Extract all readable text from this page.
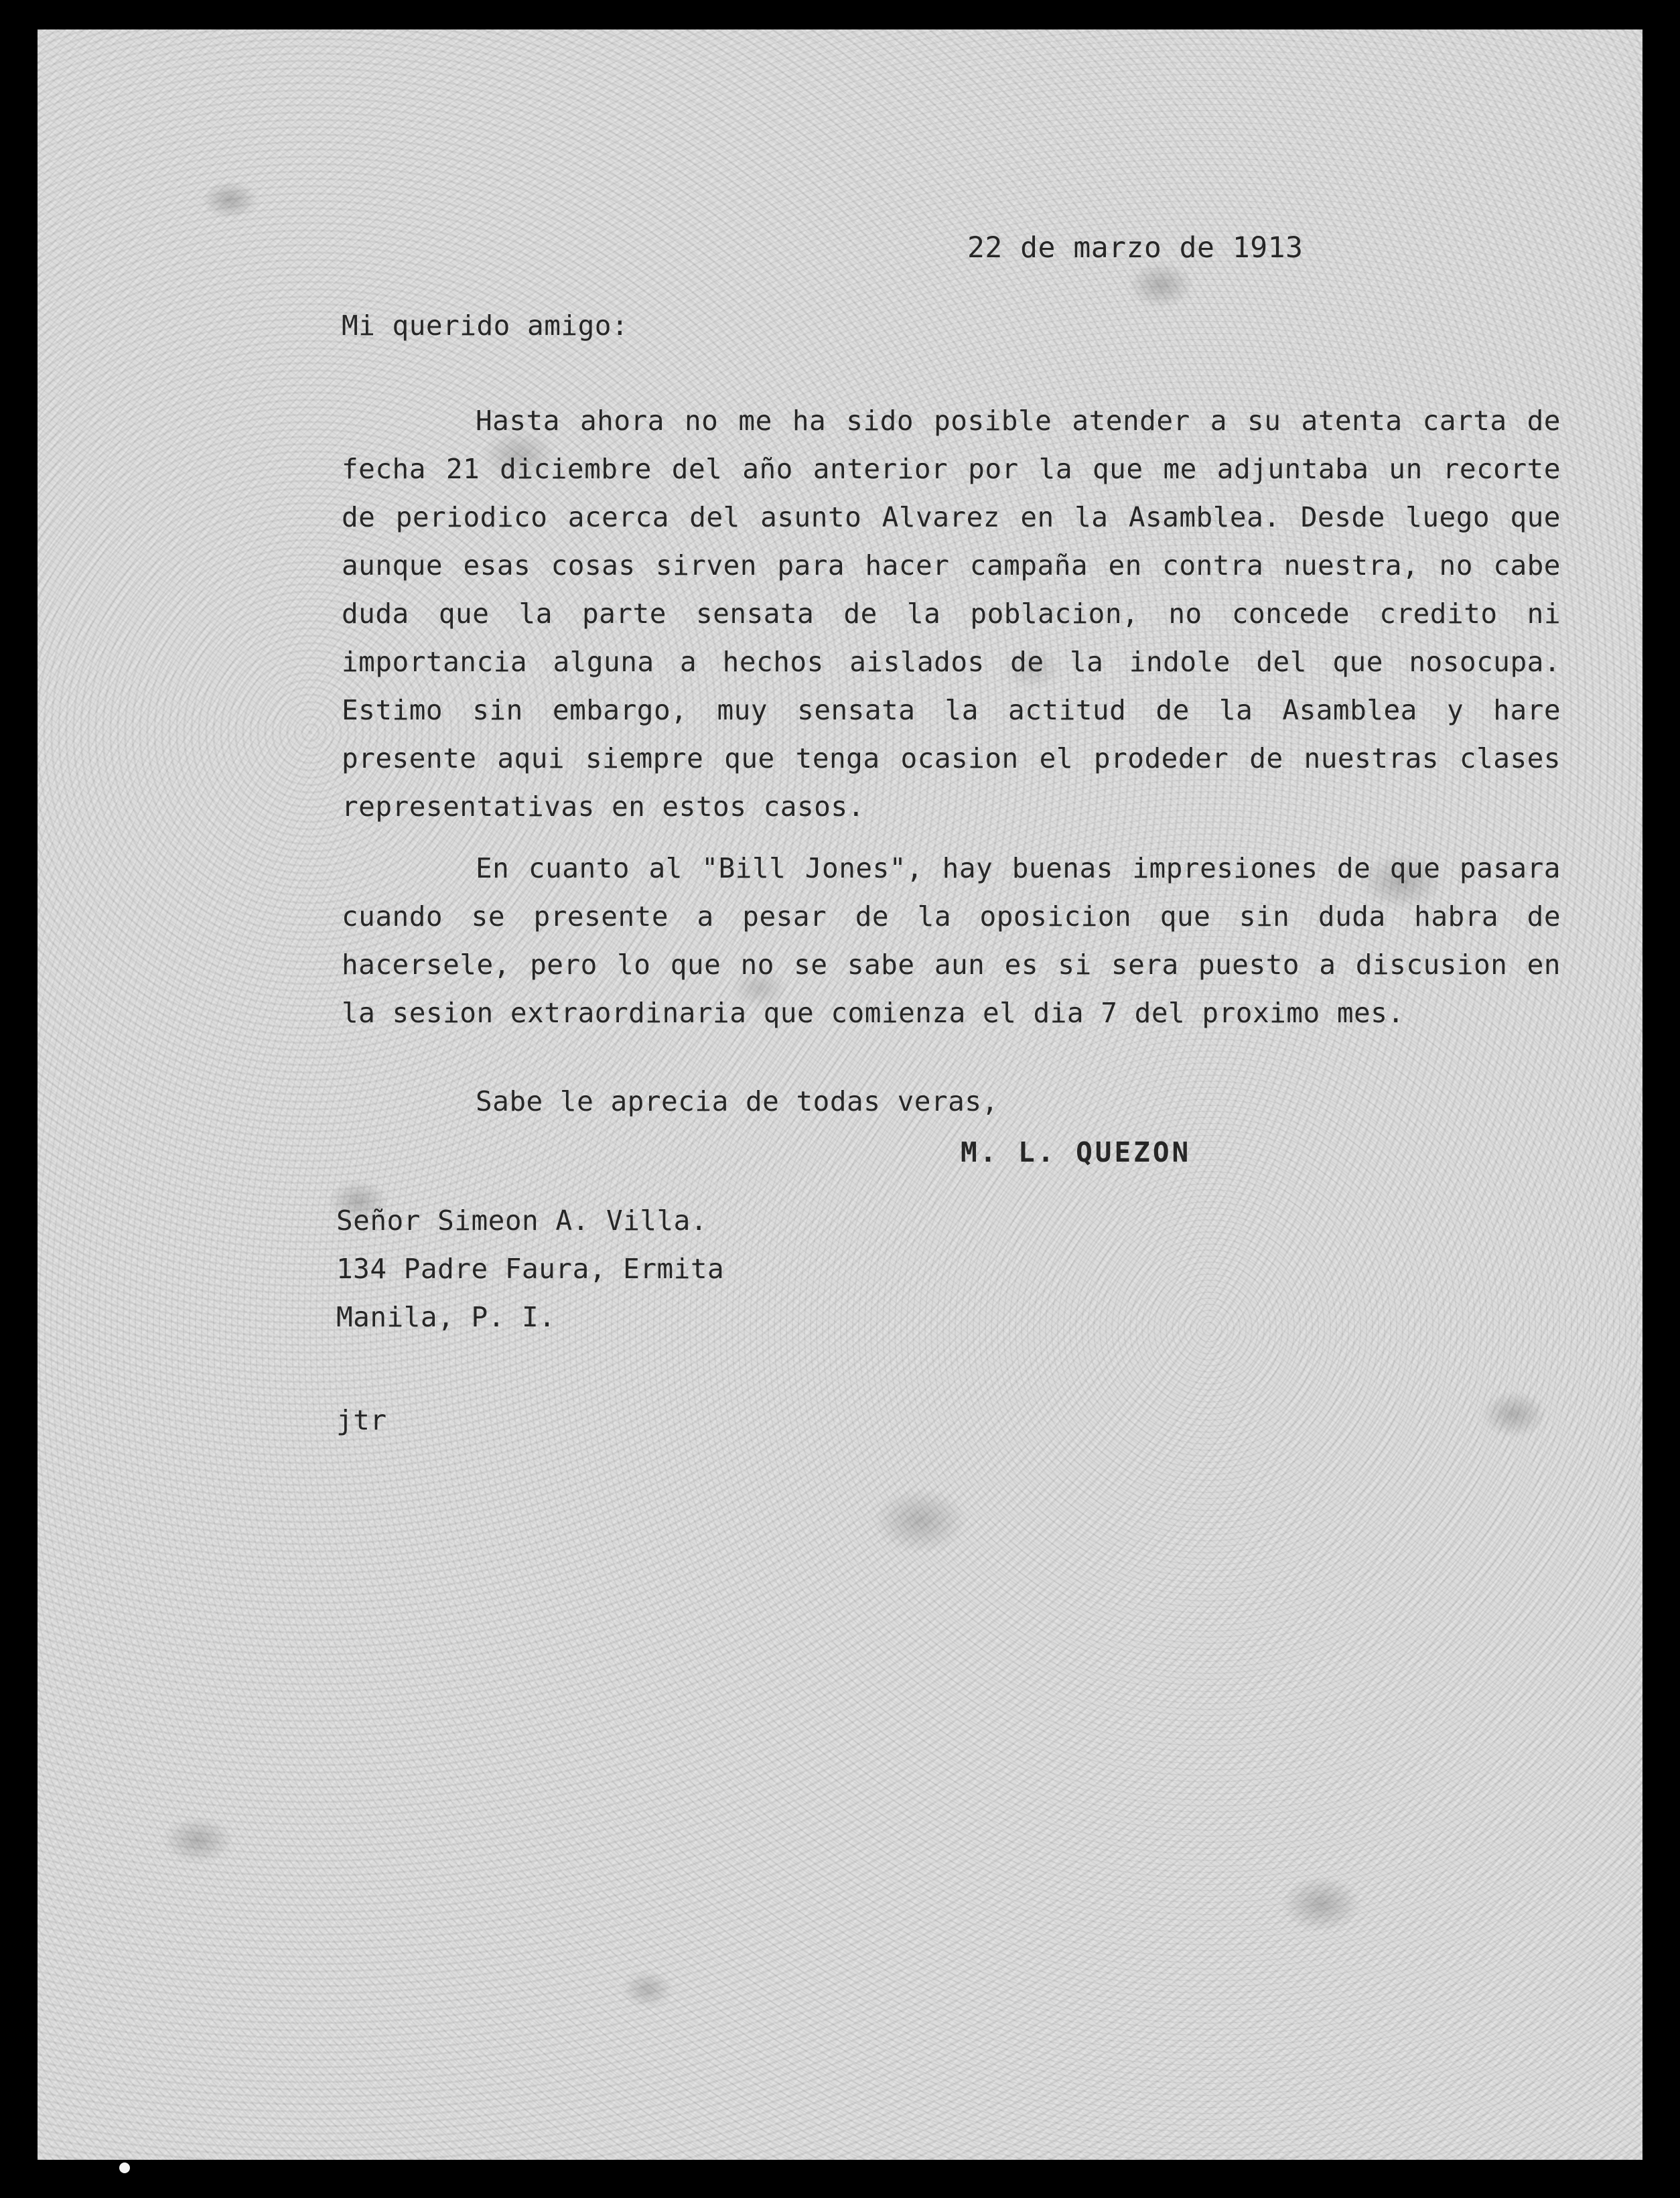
22 de marzo de 1913
Mi querido amigo:

Hasta ahora no me ha sido posible atender a su atenta carta de fecha 21 diciembre del año anterior por la que me adjuntaba un recorte de periodico acerca del asunto Alvarez en la Asamblea. Desde luego que aunque esas cosas sirven para hacer campaña en contra nuestra, no cabe duda que la parte sensata de la poblacion, no concede credito ni importancia alguna a hechos aislados de la indole del que nosocupa. Estimo sin embargo, muy sensata la actitud de la Asamblea y hare presente aqui siempre que tenga ocasion el prodeder de nuestras clases representativas en estos casos.

En cuanto al "Bill Jones", hay buenas impresiones de que pasara cuando se presente a pesar de la oposicion que sin duda habra de hacersele, pero lo que no se sabe aun es si sera puesto a discusion en la sesion extraordinaria que comienza el dia 7 del proximo mes.

Sabe le aprecia de todas veras,
M. L. QUEZON
Señor Simeon A. Villa.
134 Padre Faura, Ermita
Manila, P. I.
jtr
